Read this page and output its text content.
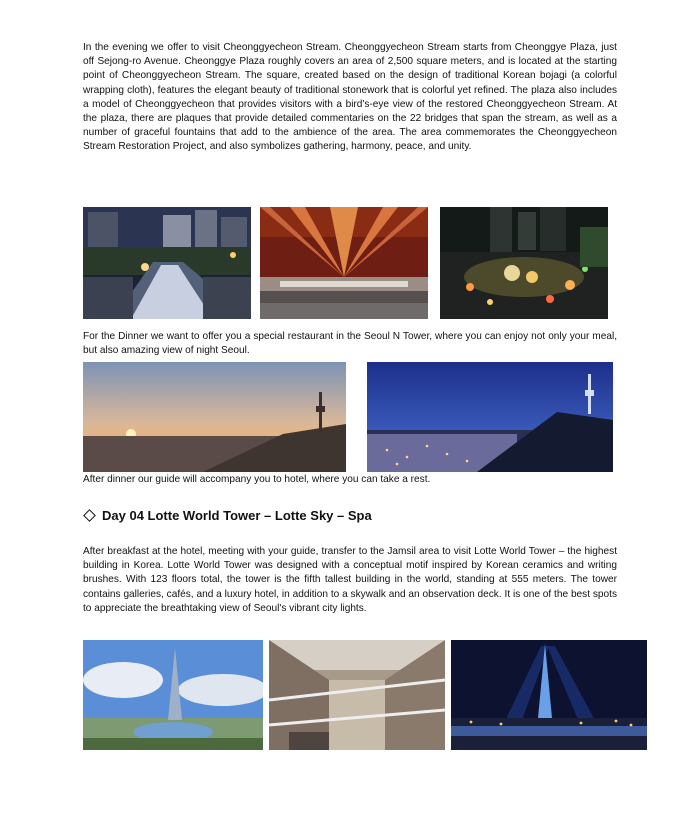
In the evening we offer to visit Cheonggyecheon Stream. Cheonggyecheon Stream starts from Cheonggye Plaza, just off Sejong-ro Avenue. Cheonggye Plaza roughly covers an area of 2,500 square meters, and is located at the starting point of Cheonggyecheon Stream. The square, created based on the design of traditional Korean bojagi (a colorful wrapping cloth), features the elegant beauty of traditional stonework that is colorful yet refined. The plaza also includes a model of Cheonggyecheon that provides visitors with a bird's-eye view of the restored Cheonggyecheon Stream. At the plaza, there are plaques that provide detailed commentaries on the 22 bridges that span the stream, as well as a number of graceful fountains that add to the ambience of the area. The area commemorates the Cheonggyecheon Stream Restoration Project, and also symbolizes gathering, harmony, peace, and unity.

For the Dinner we want to offer you a special restaurant in the Seoul N Tower, where you can enjoy not only your meal, but also amazing view of night Seoul.

After dinner our guide will accompany you to hotel, where you can take a rest.

Day 04 Lotte World Tower – Lotte Sky – Spa

After breakfast at the hotel, meeting with your guide, transfer to the Jamsil area to visit Lotte World Tower – the highest building in Korea. Lotte World Tower was designed with a conceptual motif inspired by Korean ceramics and writing brushes. With 123 floors total, the tower is the fifth tallest building in the world, standing at 555 meters. The tower contains galleries, cafés, and a luxury hotel, in addition to a skywalk and an observation deck. It is one of the best spots to appreciate the breathtaking view of Seoul's vibrant city lights.
